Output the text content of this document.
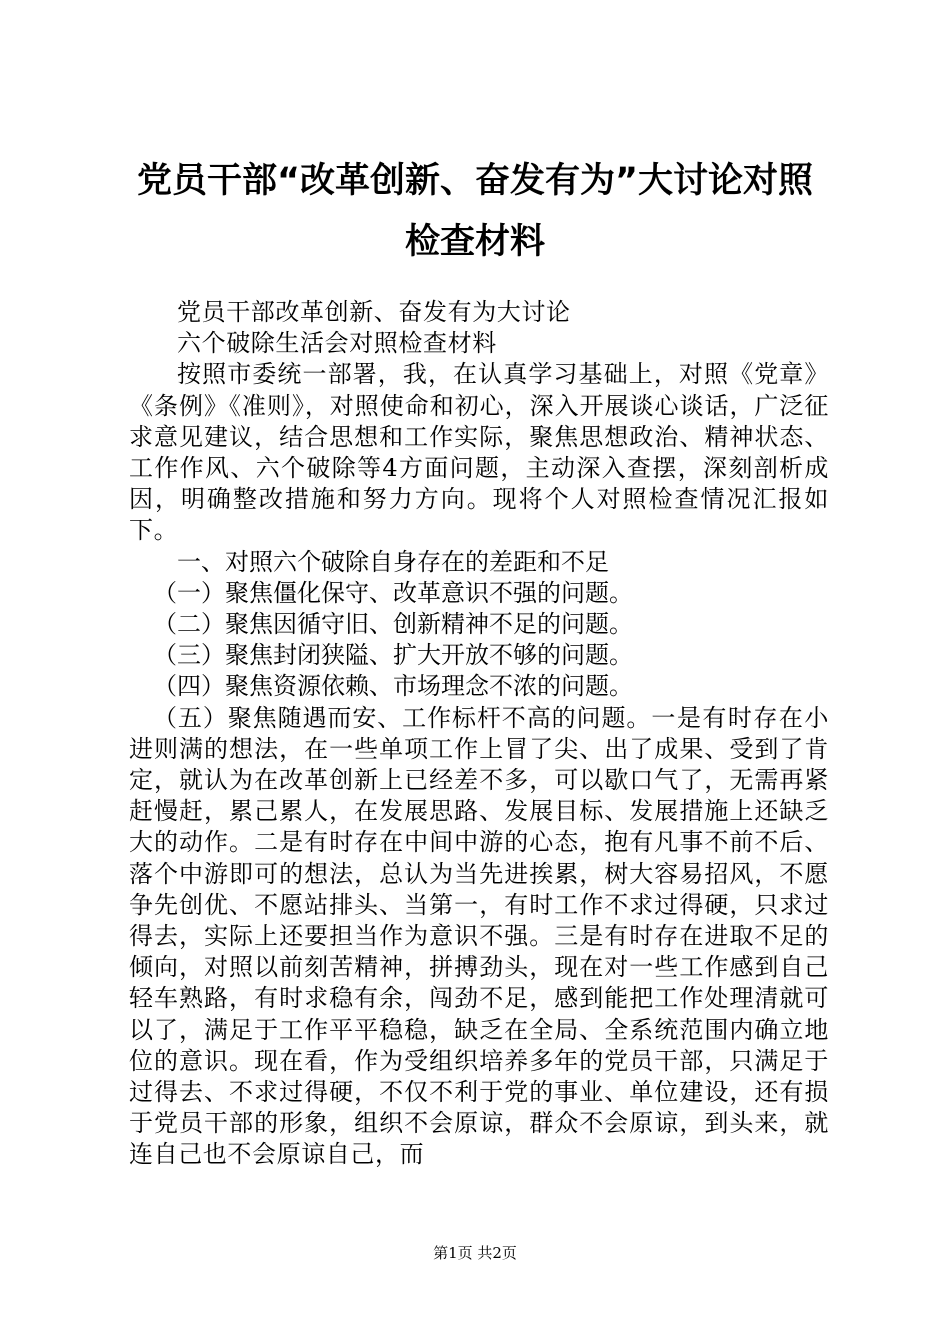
党员干部“改革创新、奋发有为”大讨论对照
检查材料

党员干部改革创新、奋发有为大讨论

六个破除生活会对照检查材料

按照市委统一部署，我，在认真学习基础上，对照《党章》《条例》《准则》，对照使命和初心，深入开展谈心谈话，广泛征求意见建议，结合思想和工作实际，聚焦思想政治、精神状态、工作作风、六个破除等4方面问题，主动深入查摆，深刻剖析成因，明确整改措施和努力方向。现将个人对照检查情况汇报如下。

一、对照六个破除自身存在的差距和不足

（一）聚焦僵化保守、改革意识不强的问题。

（二）聚焦因循守旧、创新精神不足的问题。

（三）聚焦封闭狭隘、扩大开放不够的问题。

（四）聚焦资源依赖、市场理念不浓的问题。

（五）聚焦随遇而安、工作标杆不高的问题。一是有时存在小进则满的想法，在一些单项工作上冒了尖、出了成果、受到了肯定，就认为在改革创新上已经差不多，可以歇口气了，无需再紧赶慢赶，累己累人，在发展思路、发展目标、发展措施上还缺乏大的动作。二是有时存在中间中游的心态，抱有凡事不前不后、落个中游即可的想法，总认为当先进挨累，树大容易招风，不愿争先创优、不愿站排头、当第一，有时工作不求过得硬，只求过得去，实际上还要担当作为意识不强。三是有时存在进取不足的倾向，对照以前刻苦精神，拼搏劲头，现在对一些工作感到自己轻车熟路，有时求稳有余，闯劲不足，感到能把工作处理清就可以了，满足于工作平平稳稳，缺乏在全局、全系统范围内确立地位的意识。现在看，作为受组织培养多年的党员干部，只满足于过得去、不求过得硬，不仅不利于党的事业、单位建设，还有损于党员干部的形象，组织不会原谅，群众不会原谅，到头来，就连自己也不会原谅自己，而

第1页 共2页
